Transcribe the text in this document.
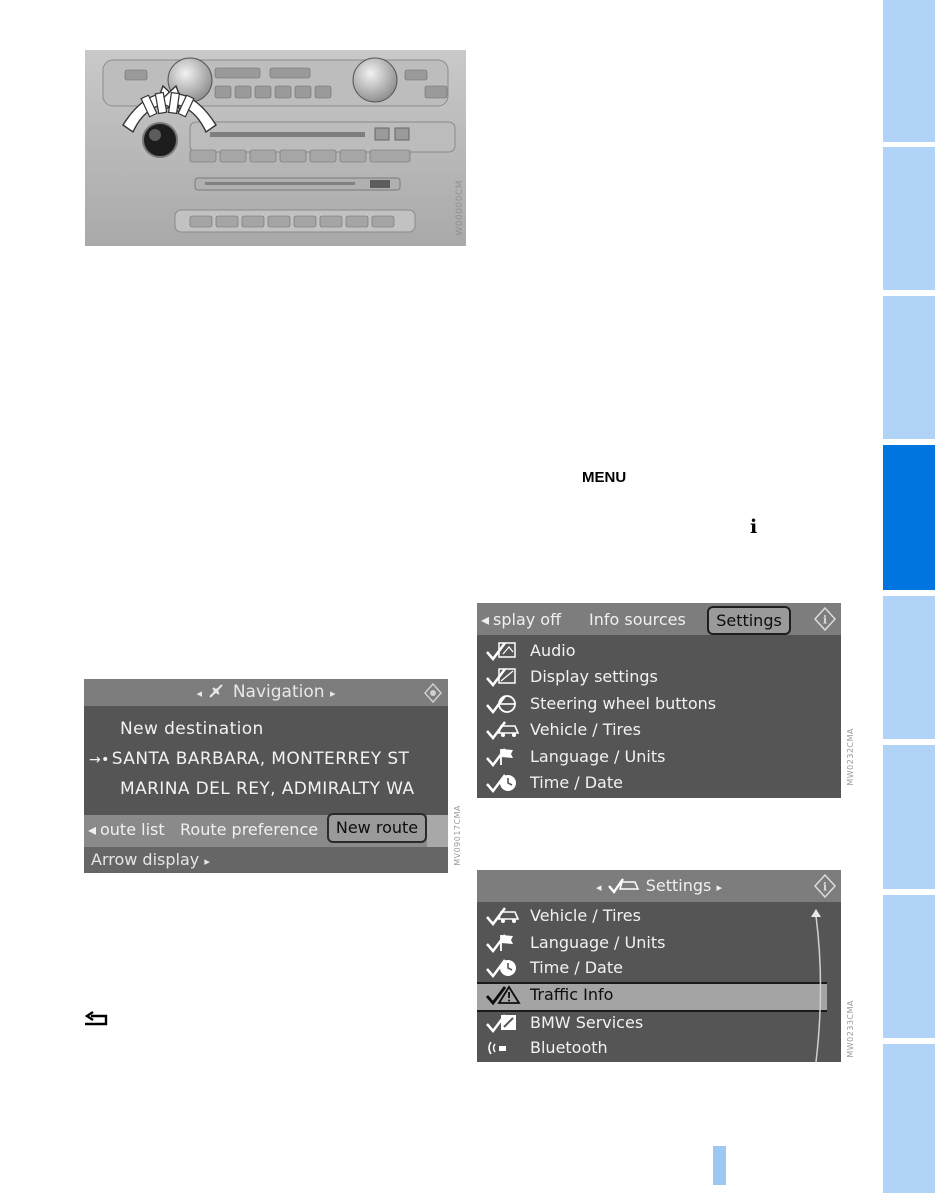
W00000CM
◂ Navigation ▸
New destination
→• SANTA BARBARA, MONTERREY ST
MARINA DEL REY, ADMIRALTY WA
◂ oute list Route preference	New route
Arrow display ▸	MV09017CMA
◂ splay off Info sources	Settings	i
Audio
Display settings
Steering wheel buttons
Vehicle / Tires
Language / Units
Time / Date	MW0232CMA
◂	Settings ▸	i
Vehicle / Tires
Language / Units
Time / Date
Traffic Info
BMW Services
Bluetooth	MW0233CMA
MENU
i
